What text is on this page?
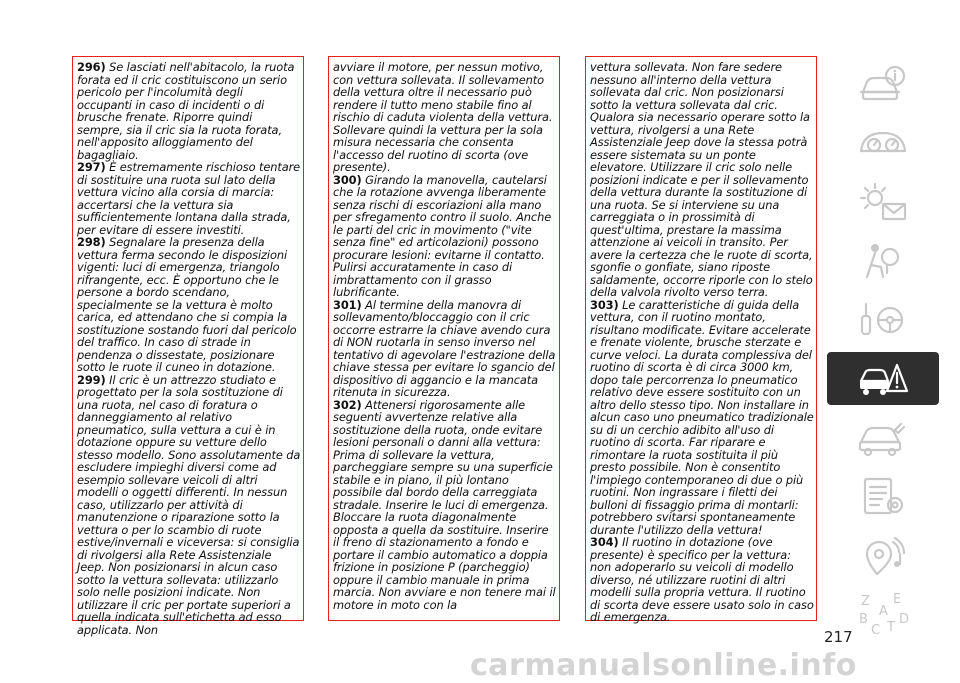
296) Se lasciati nell'abitacolo, la ruota forata ed il cric costituiscono un serio pericolo per l'incolumità degli occupanti in caso di incidenti o di brusche frenate. Riporre quindi sempre, sia il cric sia la ruota forata, nell'apposito alloggiamento del bagagliaio.

297) È estremamente rischioso tentare di sostituire una ruota sul lato della vettura vicino alla corsia di marcia: accertarsi che la vettura sia sufficientemente lontana dalla strada, per evitare di essere investiti.

298) Segnalare la presenza della vettura ferma secondo le disposizioni vigenti: luci di emergenza, triangolo rifrangente, ecc. È opportuno che le persone a bordo scendano, specialmente se la vettura è molto carica, ed attendano che si compia la sostituzione sostando fuori dal pericolo del traffico. In caso di strade in pendenza o dissestate, posizionare sotto le ruote il cuneo in dotazione.

299) Il cric è un attrezzo studiato e progettato per la sola sostituzione di una ruota, nel caso di foratura o danneggiamento al relativo pneumatico, sulla vettura a cui è in dotazione oppure su vetture dello stesso modello. Sono assolutamente da escludere impieghi diversi come ad esempio sollevare veicoli di altri modelli o oggetti differenti. In nessun caso, utilizzarlo per attività di manutenzione o riparazione sotto la vettura o per lo scambio di ruote estive/invernali e viceversa: si consiglia di rivolgersi alla Rete Assistenziale Jeep. Non posizionarsi in alcun caso sotto la vettura sollevata: utilizzarlo solo nelle posizioni indicate. Non utilizzare il cric per portate superiori a quella indicata sull'etichetta ad esso applicata. Non

avviare il motore, per nessun motivo, con vettura sollevata. Il sollevamento della vettura oltre il necessario può rendere il tutto meno stabile fino al rischio di caduta violenta della vettura. Sollevare quindi la vettura per la sola misura necessaria che consenta l'accesso del ruotino di scorta (ove presente).

300) Girando la manovella, cautelarsi che la rotazione avvenga liberamente senza rischi di escoriazioni alla mano per sfregamento contro il suolo. Anche le parti del cric in movimento ("vite senza fine" ed articolazioni) possono procurare lesioni: evitarne il contatto. Pulirsi accuratamente in caso di imbrattamento con il grasso lubrificante.

301) Al termine della manovra di sollevamento/bloccaggio con il cric occorre estrarre la chiave avendo cura di NON ruotarla in senso inverso nel tentativo di agevolare l'estrazione della chiave stessa per evitare lo sgancio del dispositivo di aggancio e la mancata ritenuta in sicurezza.

302) Attenersi rigorosamente alle seguenti avvertenze relative alla sostituzione della ruota, onde evitare lesioni personali o danni alla vettura: Prima di sollevare la vettura, parcheggiare sempre su una superficie stabile e in piano, il più lontano possibile dal bordo della carreggiata stradale. Inserire le luci di emergenza. Bloccare la ruota diagonalmente opposta a quella da sostituire. Inserire il freno di stazionamento a fondo e portare il cambio automatico a doppia frizione in posizione P (parcheggio) oppure il cambio manuale in prima marcia. Non avviare e non tenere mai il motore in moto con la

vettura sollevata. Non fare sedere nessuno all'interno della vettura sollevata dal cric. Non posizionarsi sotto la vettura sollevata dal cric. Qualora sia necessario operare sotto la vettura, rivolgersi a una Rete Assistenziale Jeep dove la stessa potrà essere sistemata su un ponte elevatore. Utilizzare il cric solo nelle posizioni indicate e per il sollevamento della vettura durante la sostituzione di una ruota. Se si interviene su una carreggiata o in prossimità di quest'ultima, prestare la massima attenzione ai veicoli in transito. Per avere la certezza che le ruote di scorta, sgonfie o gonfiate, siano riposte saldamente, occorre riporle con lo stelo della valvola rivolto verso terra.

303) Le caratteristiche di guida della vettura, con il ruotino montato, risultano modificate. Evitare accelerate e frenate violente, brusche sterzate e curve veloci. La durata complessiva del ruotino di scorta è di circa 3000 km, dopo tale percorrenza lo pneumatico relativo deve essere sostituito con un altro dello stesso tipo. Non installare in alcun caso uno pneumatico tradizionale su di un cerchio adibito all'uso di ruotino di scorta. Far riparare e rimontare la ruota sostituita il più presto possibile. Non è consentito l'impiego contemporaneo di due o più ruotini. Non ingrassare i filetti dei bulloni di fissaggio prima di montarli: potrebbero svitarsi spontaneamente durante l'utilizzo della vettura!

304) Il ruotino in dotazione (ove presente) è specifico per la vettura: non adoperarlo su veicoli di modello diverso, né utilizzare ruotini di altri modelli sulla propria vettura. Il ruotino di scorta deve essere usato solo in caso di emergenza.

Z E
A
B
C T
D
217
carmanualsonline.info
